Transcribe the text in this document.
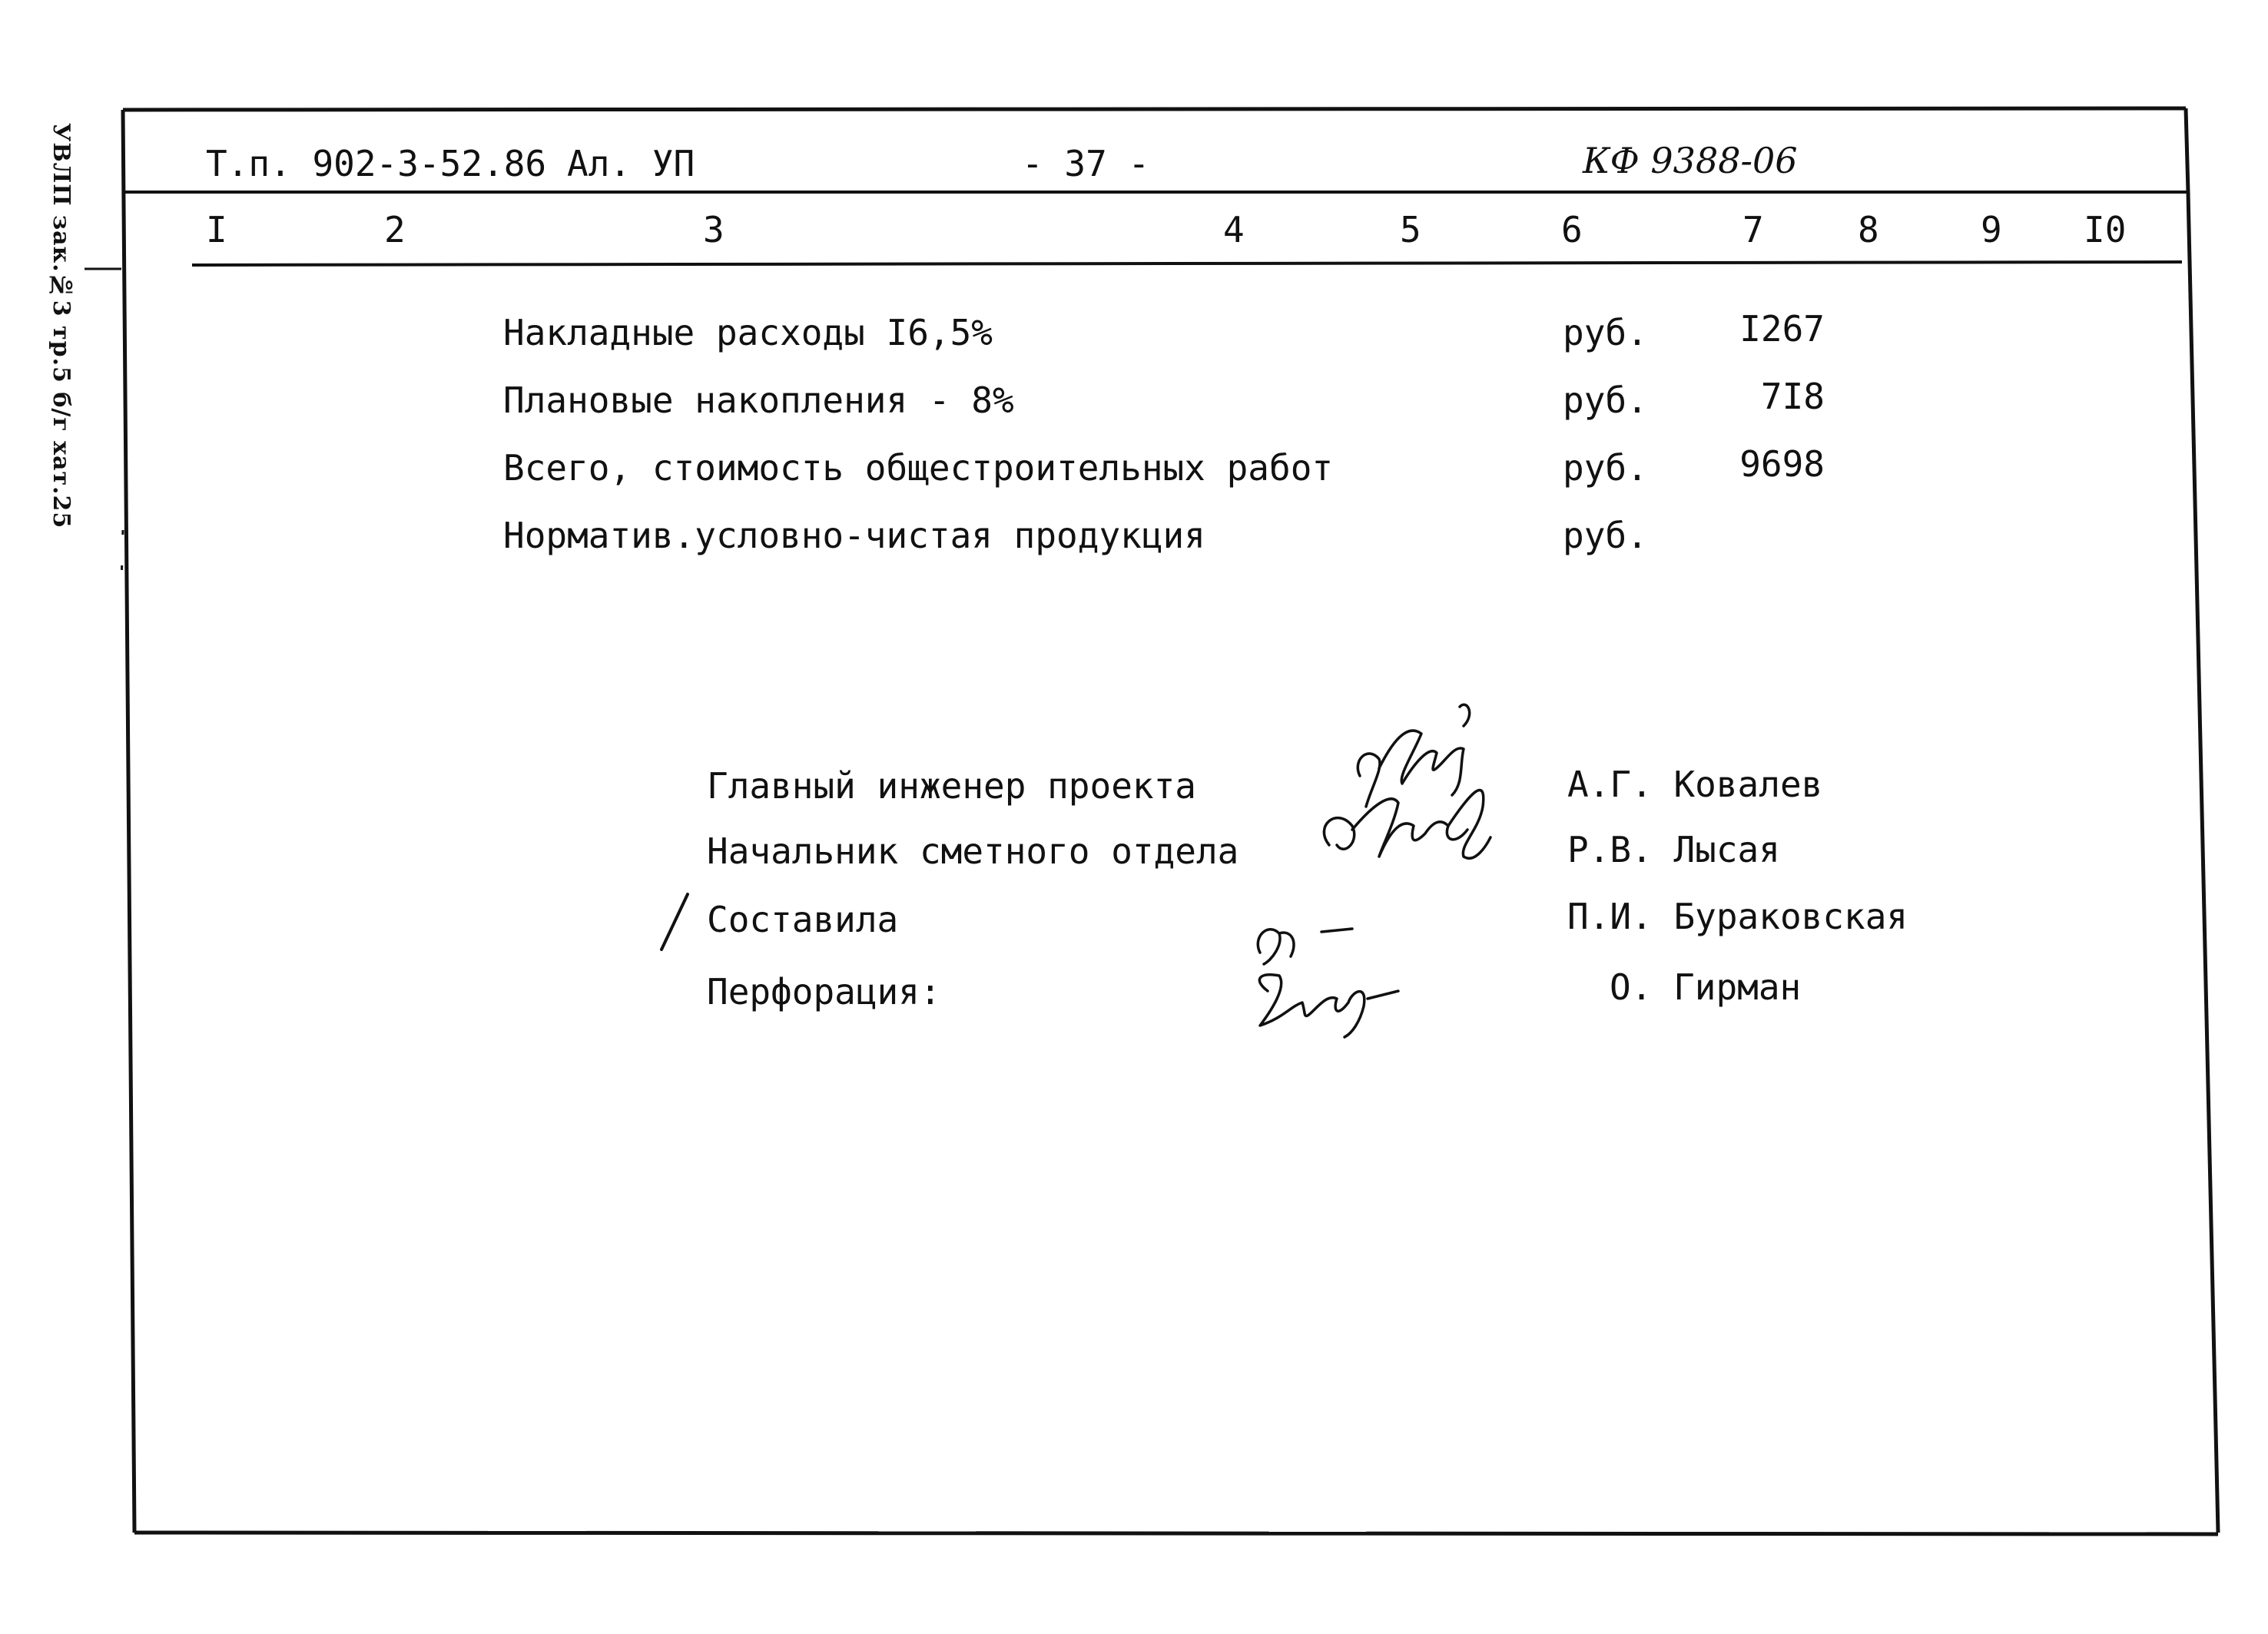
УВЛП зак.№3 тр.5 б/г хат.25	Т.п. 902-3-52.86 Ал. УП	- 37 -	КФ 9388-06
I	2	3	4	5	6	7	8	9 I0
Накладные расходы I6,5%	руб.	I267
Плановые накопления - 8%	руб.	7I8
Всего, стоимость общестроительных работ	руб.	9698
Норматив.условно-чистая продукция	руб.
Главный инженер проекта	А.Г. Ковалев
Начальник сметного отдела	Р.В. Лысая
Составила	П.И. Бураковская
Перфорация:	О. Гирман
